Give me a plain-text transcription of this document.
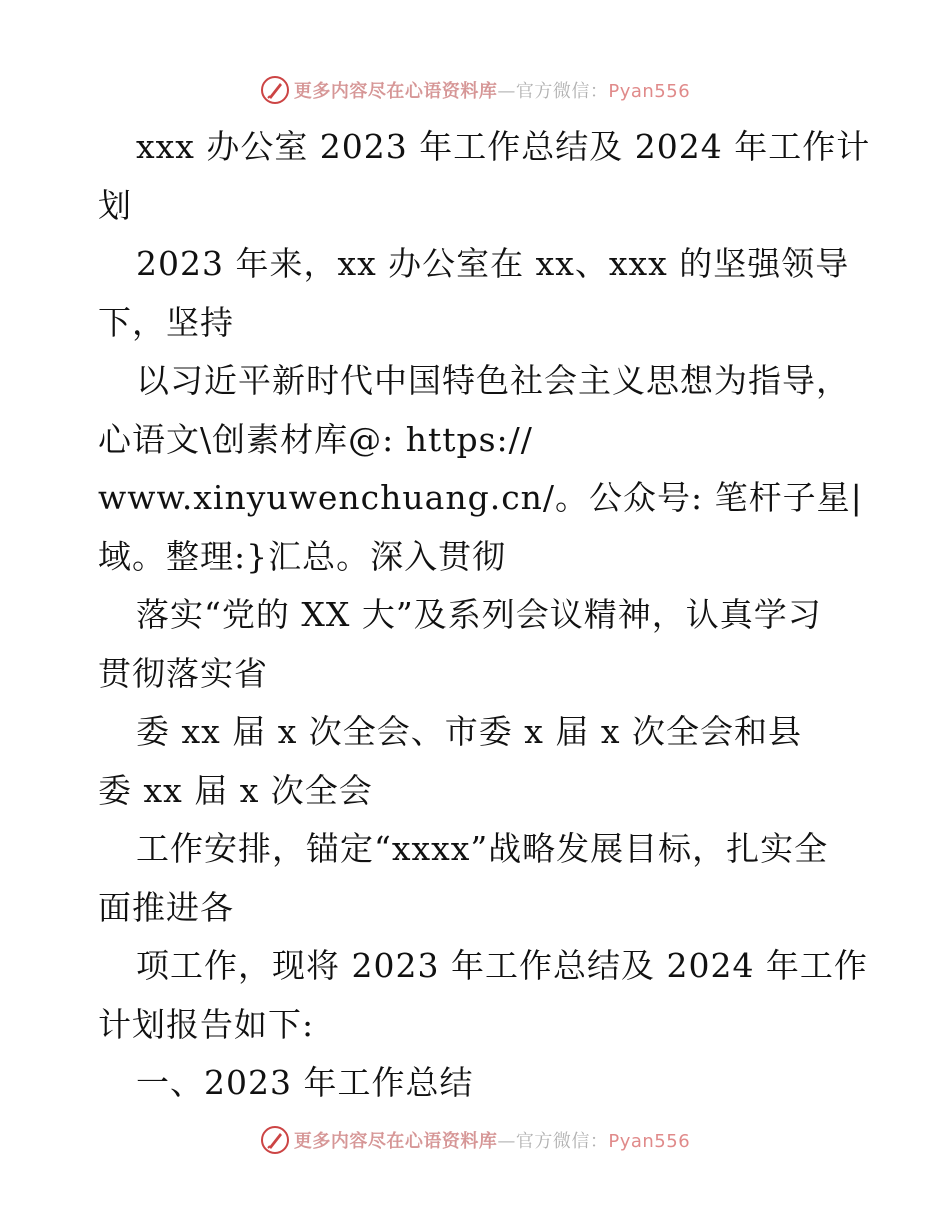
更多内容尽在心语资料库—官方微信：Pyan556
xxx 办公室 2023 年工作总结及 2024 年工作计
划
2023 年来，xx 办公室在 xx、xxx 的坚强领导
下，坚持
以习近平新时代中国特色社会主义思想为指导，
心语文\创素材库@: https://
www.xinyuwenchuang.cn/。公众号: 笔杆子星|
域。整理:}汇总。深入贯彻
落实“党的 XX 大”及系列会议精神，认真学习
贯彻落实省
委 xx 届 x 次全会、市委 x 届 x 次全会和县
委 xx 届 x 次全会
工作安排，锚定“xxxx”战略发展目标，扎实全
面推进各
项工作，现将 2023 年工作总结及 2024 年工作
计划报告如下:
一、2023 年工作总结
更多内容尽在心语资料库—官方微信：Pyan556
